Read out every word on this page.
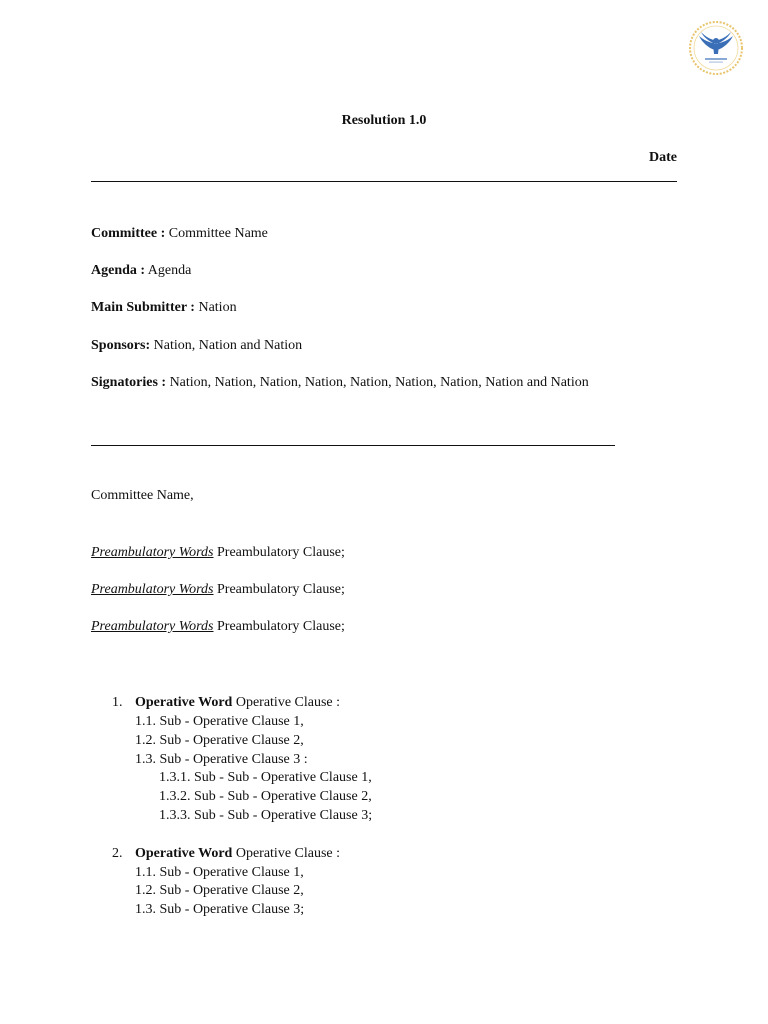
Resolution 1.0
Date
Committee : Committee Name
Agenda : Agenda
Main Submitter : Nation
Sponsors: Nation, Nation and Nation
Signatories : Nation, Nation, Nation, Nation, Nation, Nation, Nation, Nation and Nation
Committee Name,
Preambulatory Words Preambulatory Clause;
Preambulatory Words Preambulatory Clause;
Preambulatory Words Preambulatory Clause;
1. Operative Word Operative Clause :
1.1. Sub - Operative Clause 1,
1.2. Sub - Operative Clause 2,
1.3. Sub - Operative Clause 3 :
1.3.1. Sub - Sub - Operative Clause 1,
1.3.2. Sub - Sub - Operative Clause 2,
1.3.3. Sub - Sub - Operative Clause 3;
2. Operative Word Operative Clause :
1.1. Sub - Operative Clause 1,
1.2. Sub - Operative Clause 2,
1.3. Sub - Operative Clause 3;
